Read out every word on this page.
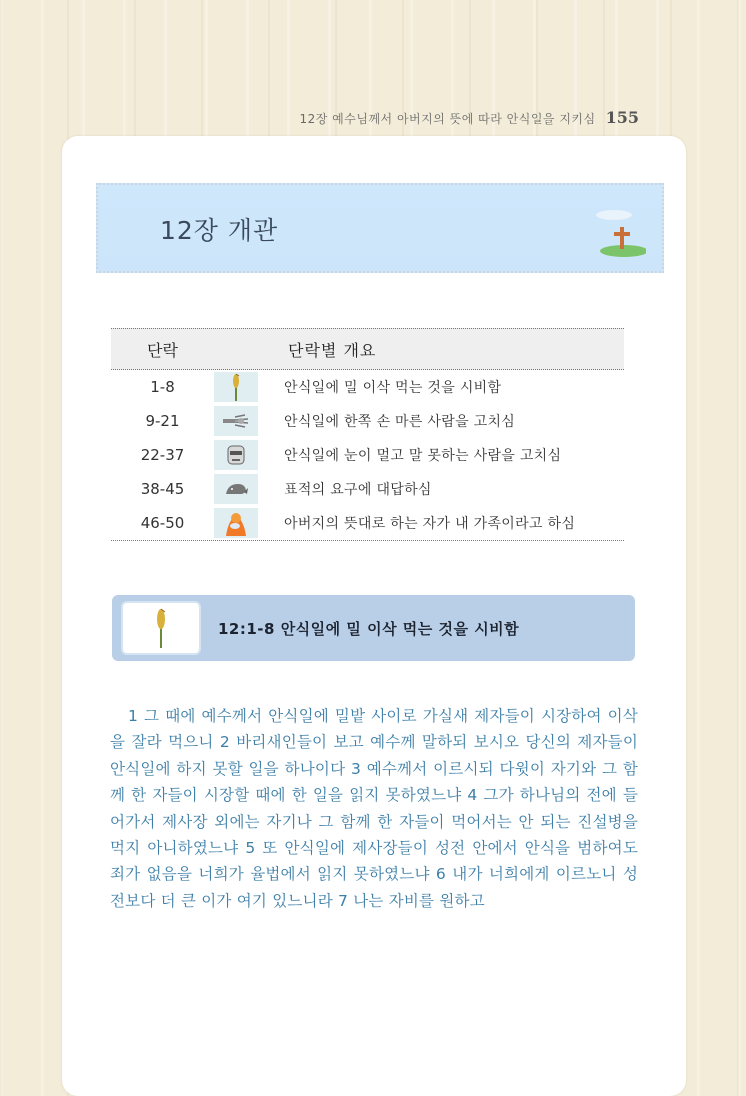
12장 예수님께서 아버지의 뜻에 따라 안식일을 지키심 155
12장 개관
단락	단락별 개요
1-8	안식일에 밀 이삭 먹는 것을 시비함
9-21	안식일에 한쪽 손 마른 사람을 고치심
22-37	안식일에 눈이 멀고 말 못하는 사람을 고치심
38-45	표적의 요구에 대답하심
46-50	아버지의 뜻대로 하는 자가 내 가족이라고 하심
12:1-8 안식일에 밀 이삭 먹는 것을 시비함
1 그 때에 예수께서 안식일에 밀밭 사이로 가실새 제자들이 시장하여 이삭을 잘라 먹으니 2 바리새인들이 보고 예수께 말하되 보시오 당신의 제자들이 안식일에 하지 못할 일을 하나이다 3 예수께서 이르시되 다윗이 자기와 그 함께 한 자들이 시장할 때에 한 일을 읽지 못하였느냐 4 그가 하나님의 전에 들어가서 제사장 외에는 자기나 그 함께 한 자들이 먹어서는 안 되는 진설병을 먹지 아니하였느냐 5 또 안식일에 제사장들이 성전 안에서 안식을 범하여도 죄가 없음을 너희가 율법에서 읽지 못하였느냐 6 내가 너희에게 이르노니 성전보다 더 큰 이가 여기 있느니라 7 나는 자비를 원하고
